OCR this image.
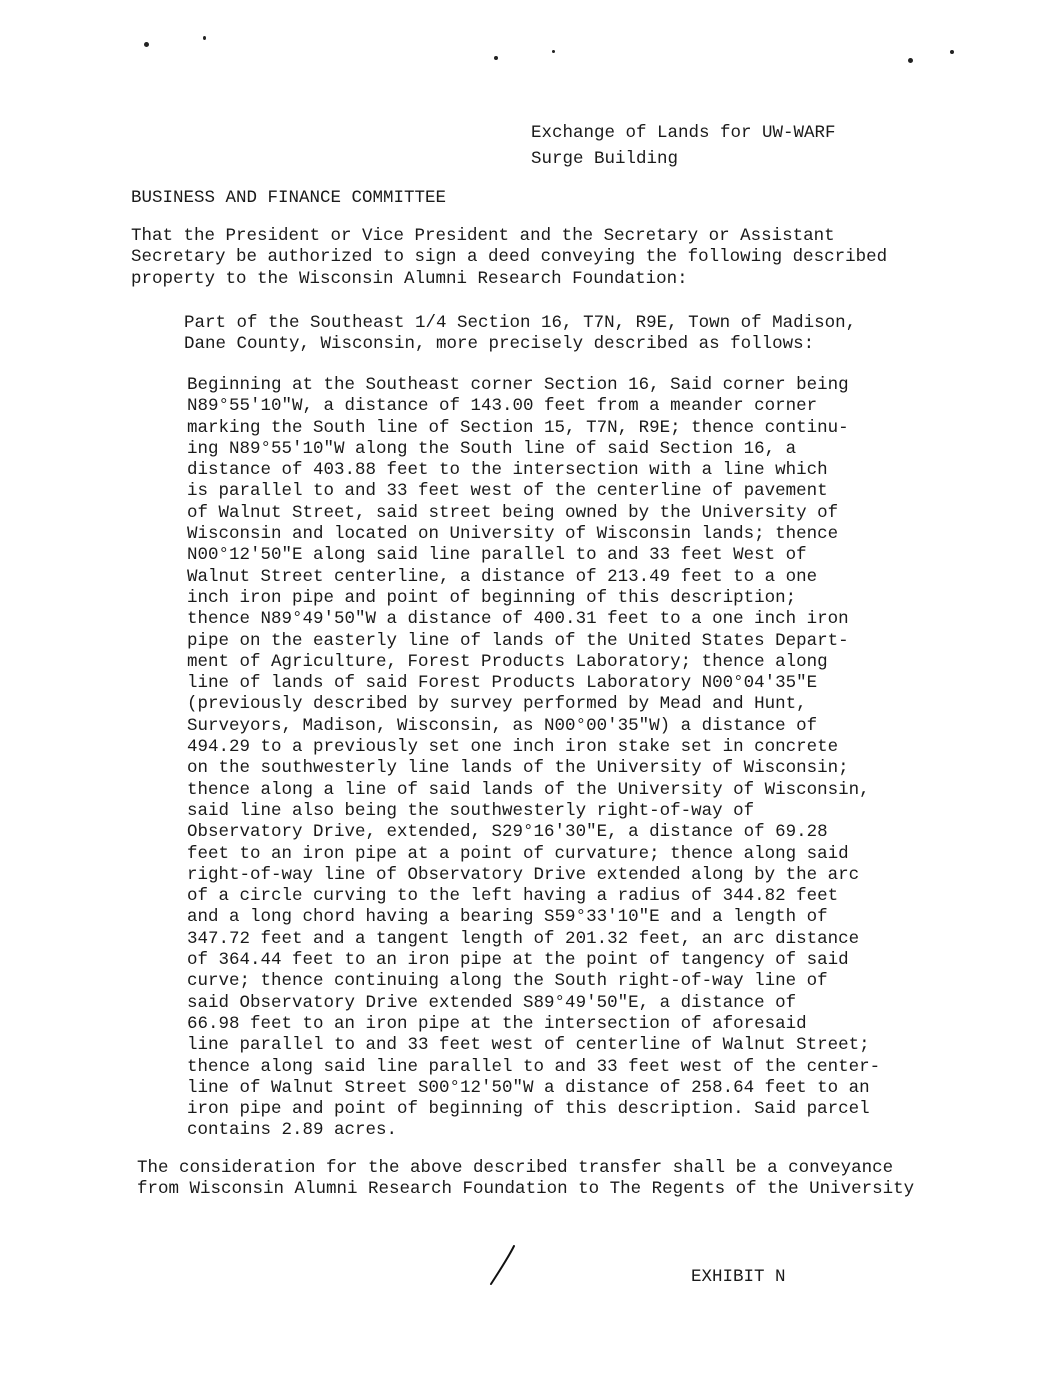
Exchange of Lands for UW-WARF
Surge Building
BUSINESS AND FINANCE COMMITTEE
That the President or Vice President and the Secretary or Assistant
Secretary be authorized to sign a deed conveying the following described
property to the Wisconsin Alumni Research Foundation:
Part of the Southeast 1/4 Section 16, T7N, R9E, Town of Madison,
Dane County, Wisconsin, more precisely described as follows:
Beginning at the Southeast corner Section 16, Said corner being
N89°55'10"W, a distance of 143.00 feet from a meander corner
marking the South line of Section 15, T7N, R9E; thence continu-
ing N89°55'10"W along the South line of said Section 16, a
distance of 403.88 feet to the intersection with a line which
is parallel to and 33 feet west of the centerline of pavement
of Walnut Street, said street being owned by the University of
Wisconsin and located on University of Wisconsin lands; thence
N00°12'50"E along said line parallel to and 33 feet West of
Walnut Street centerline, a distance of 213.49 feet to a one
inch iron pipe and point of beginning of this description;
thence N89°49'50"W a distance of 400.31 feet to a one inch iron
pipe on the easterly line of lands of the United States Depart-
ment of Agriculture, Forest Products Laboratory; thence along
line of lands of said Forest Products Laboratory N00°04'35"E
(previously described by survey performed by Mead and Hunt,
Surveyors, Madison, Wisconsin, as N00°00'35"W) a distance of
494.29 to a previously set one inch iron stake set in concrete
on the southwesterly line lands of the University of Wisconsin;
thence along a line of said lands of the University of Wisconsin,
said line also being the southwesterly right-of-way of
Observatory Drive, extended, S29°16'30"E, a distance of 69.28
feet to an iron pipe at a point of curvature; thence along said
right-of-way line of Observatory Drive extended along by the arc
of a circle curving to the left having a radius of 344.82 feet
and a long chord having a bearing S59°33'10"E and a length of
347.72 feet and a tangent length of 201.32 feet, an arc distance
of 364.44 feet to an iron pipe at the point of tangency of said
curve; thence continuing along the South right-of-way line of
said Observatory Drive extended S89°49'50"E, a distance of
66.98 feet to an iron pipe at the intersection of aforesaid
line parallel to and 33 feet west of centerline of Walnut Street;
thence along said line parallel to and 33 feet west of the center-
line of Walnut Street S00°12'50"W a distance of 258.64 feet to an
iron pipe and point of beginning of this description. Said parcel
contains 2.89 acres.
The consideration for the above described transfer shall be a conveyance
from Wisconsin Alumni Research Foundation to The Regents of the University
EXHIBIT N
